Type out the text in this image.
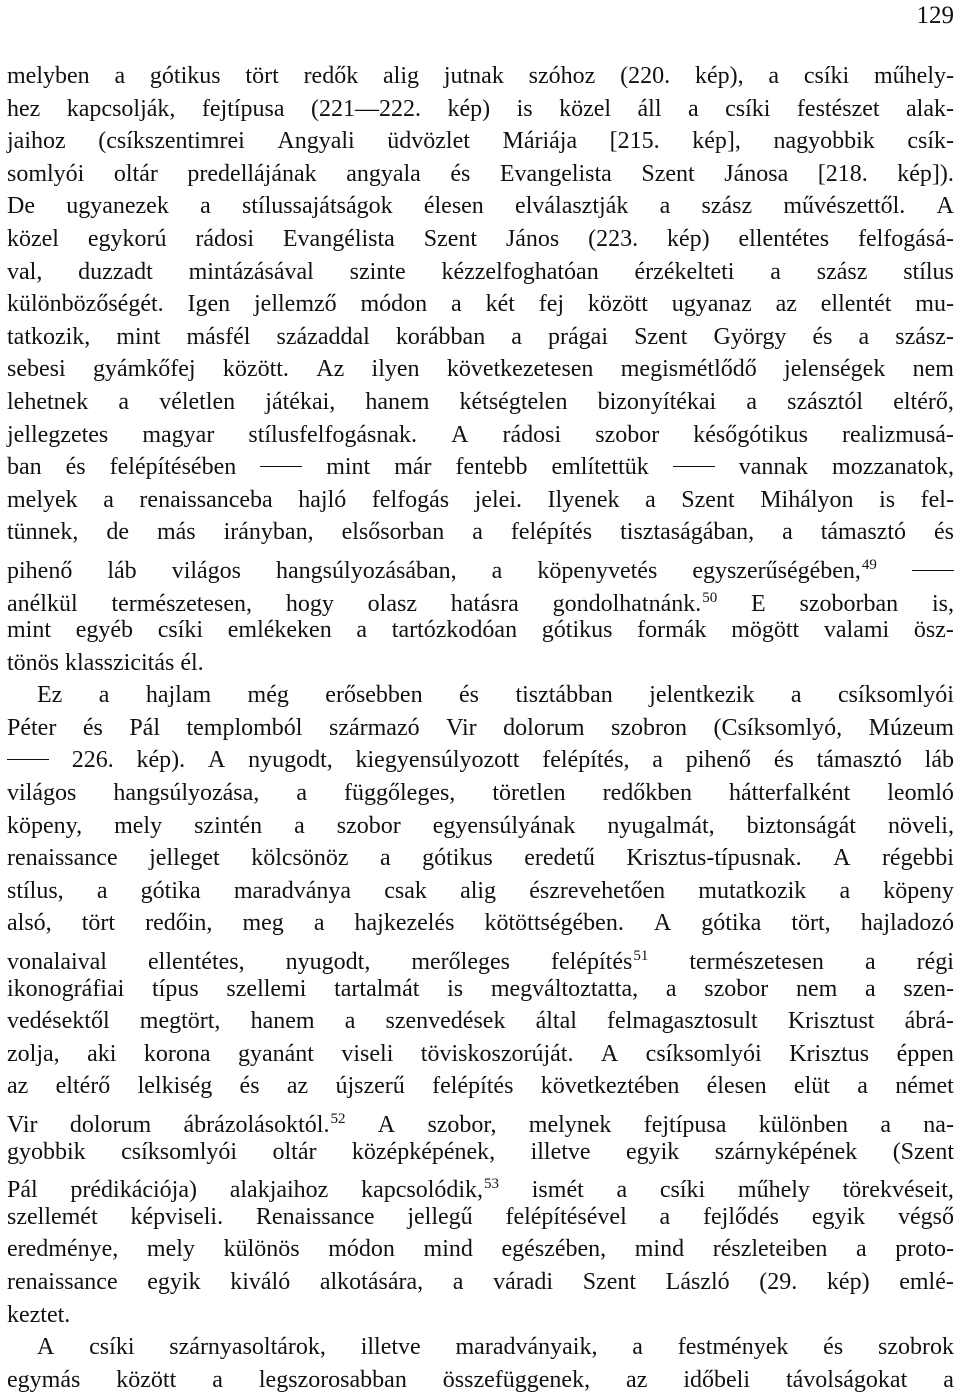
129
melyben a gótikus tört redők alig jutnak szóhoz (220. kép), a csíki műhely-
hez kapcsolják, fejtípusa (221—222. kép) is közel áll a csíki festészet alak-
jaihoz (csíkszentimrei Angyali üdvözlet Máriája [215. kép], nagyobbik csík-
somlyói oltár predellájának angyala és Evangelista Szent Jánosa [218. kép]).
De ugyanezek a stílussajátságok élesen elválasztják a szász művészettől. A
közel egykorú rádosi Evangélista Szent János (223. kép) ellentétes felfogásá-
val, duzzadt mintázásával szinte kézzelfoghatóan érzékelteti a szász stílus
különbözőségét. Igen jellemző módon a két fej között ugyanaz az ellentét mu-
tatkozik, mint másfél századdal korábban a prágai Szent György és a szász-
sebesi gyámkőfej között. Az ilyen következetesen megismétlődő jelenségek nem
lehetnek a véletlen játékai, hanem kétségtelen bizonyítékai a szásztól eltérő,
jellegzetes magyar stílusfelfogásnak. A rádosi szobor későgótikus realizmusá-
ban és felépítésében	mint már fentebb említettük	vannak mozzanatok,
melyek a renaissanceba hajló felfogás jelei. Ilyenek a Szent Mihályon is fel-
tünnek, de más irányban, elsősorban a felépítés tisztaságában, a támasztó és
pihenő láb világos hangsúlyozásában, a köpenyvetés egyszerűségében,$^{49}$
anélkül természetesen, hogy olasz hatásra gondolhatnánk.$^{50}$ E szoborban is,
mint egyéb csíki emlékeken a tartózkodóan gótikus formák mögött valami ösz-
tönös klasszicitás él.
Ez a hajlam még erősebben és tisztábban jelentkezik a csíksomlyói
Péter és Pál templomból származó Vir dolorum szobron (Csíksomlyó, Múzeum
226. kép). A nyugodt, kiegyensúlyozott felépítés, a pihenő és támasztó láb
világos hangsúlyozása, a függőleges, töretlen redőkben hátterfalként leomló
köpeny, mely szintén a szobor egyensúlyának nyugalmát, biztonságát növeli,
renaissance jelleget kölcsönöz a gótikus eredetű Krisztus-típusnak. A régebbi
stílus, a gótika maradványa csak alig észrevehetően mutatkozik a köpeny
alsó, tört redőin, meg a hajkezelés kötöttségében. A gótika tört, hajladozó
vonalaival ellentétes, nyugodt, merőleges felépítés$^{51}$ természetesen a régi
ikonográfiai típus szellemi tartalmát is megváltoztatta, a szobor nem a szen-
vedésektől megtört, hanem a szenvedések által felmagasztosult Krisztust ábrá-
zolja, aki korona gyanánt viseli töviskoszorúját. A csíksomlyói Krisztus éppen
az eltérő lelkiség és az újszerű felépítés következtében élesen elüt a német
Vir dolorum ábrázolásoktól.$^{52}$ A szobor, melynek fejtípusa különben a na-
gyobbik csíksomlyói oltár középképének, illetve egyik szárnyképének (Szent
Pál prédikációja) alakjaihoz kapcsolódik,$^{53}$ ismét a csíki műhely törekvéseit,
szellemét képviseli. Renaissance jellegű felépítésével a fejlődés egyik végső
eredménye, mely különös módon mind egészében, mind részleteiben a proto-
renaissance egyik kiváló alkotására, a váradi Szent László (29. kép) emlé-
keztet.
A csíki szárnyasoltárok, illetve maradványaik, a festmények és szobrok
egymás között a legszorosabban összefüggenek, az időbeli távolságokat a
